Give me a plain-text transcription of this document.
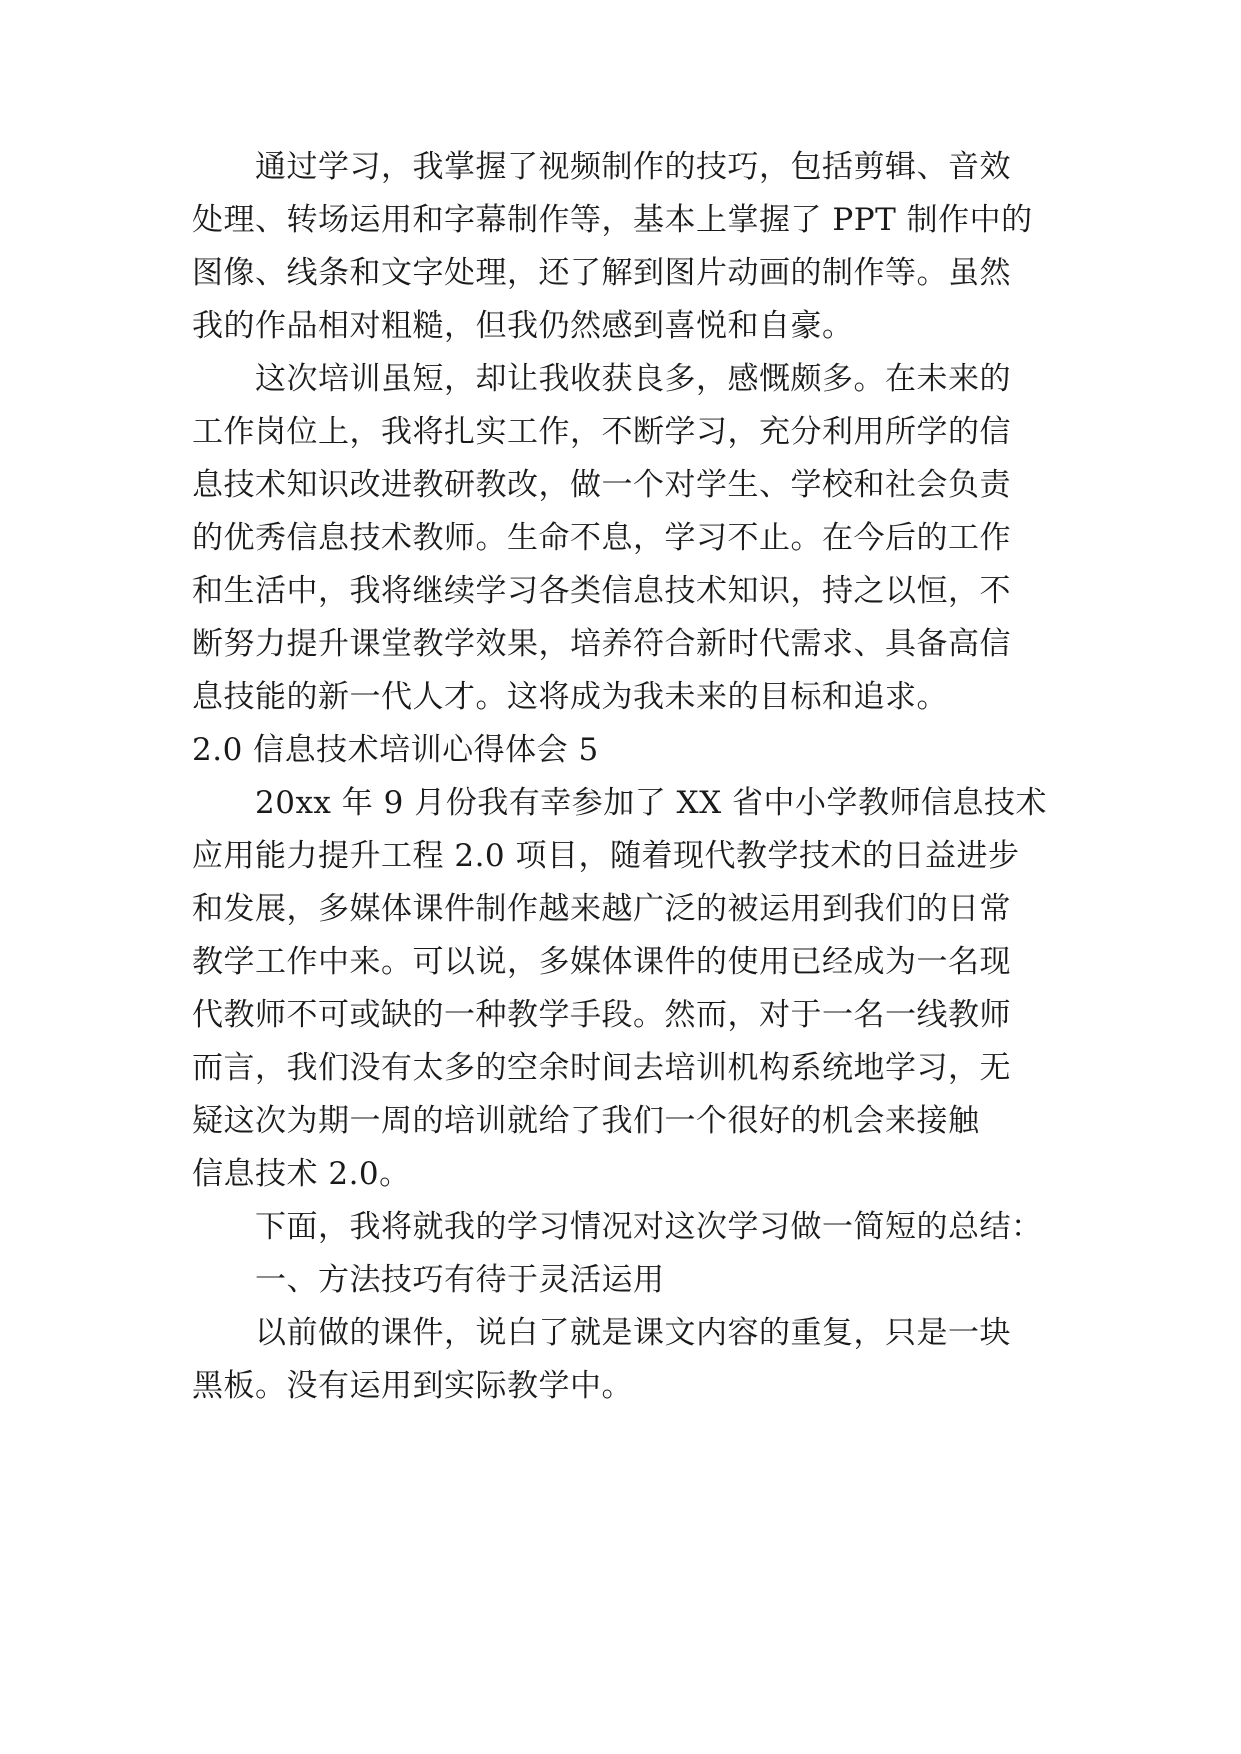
通过学习，我掌握了视频制作的技巧，包括剪辑、音效
处理、转场运用和字幕制作等，基本上掌握了 PPT 制作中的
图像、线条和文字处理，还了解到图片动画的制作等。虽然
我的作品相对粗糙，但我仍然感到喜悦和自豪。
这次培训虽短，却让我收获良多，感慨颇多。在未来的
工作岗位上，我将扎实工作，不断学习，充分利用所学的信
息技术知识改进教研教改，做一个对学生、学校和社会负责
的优秀信息技术教师。生命不息，学习不止。在今后的工作
和生活中，我将继续学习各类信息技术知识，持之以恒，不
断努力提升课堂教学效果，培养符合新时代需求、具备高信
息技能的新一代人才。这将成为我未来的目标和追求。
2.0 信息技术培训心得体会 5
20xx 年 9 月份我有幸参加了 XX 省中小学教师信息技术
应用能力提升工程 2.0 项目，随着现代教学技术的日益进步
和发展，多媒体课件制作越来越广泛的被运用到我们的日常
教学工作中来。可以说，多媒体课件的使用已经成为一名现
代教师不可或缺的一种教学手段。然而，对于一名一线教师
而言，我们没有太多的空余时间去培训机构系统地学习，无
疑这次为期一周的培训就给了我们一个很好的机会来接触
信息技术 2.0。
下面，我将就我的学习情况对这次学习做一简短的总结：
一、方法技巧有待于灵活运用
以前做的课件，说白了就是课文内容的重复，只是一块
黑板。没有运用到实际教学中。
